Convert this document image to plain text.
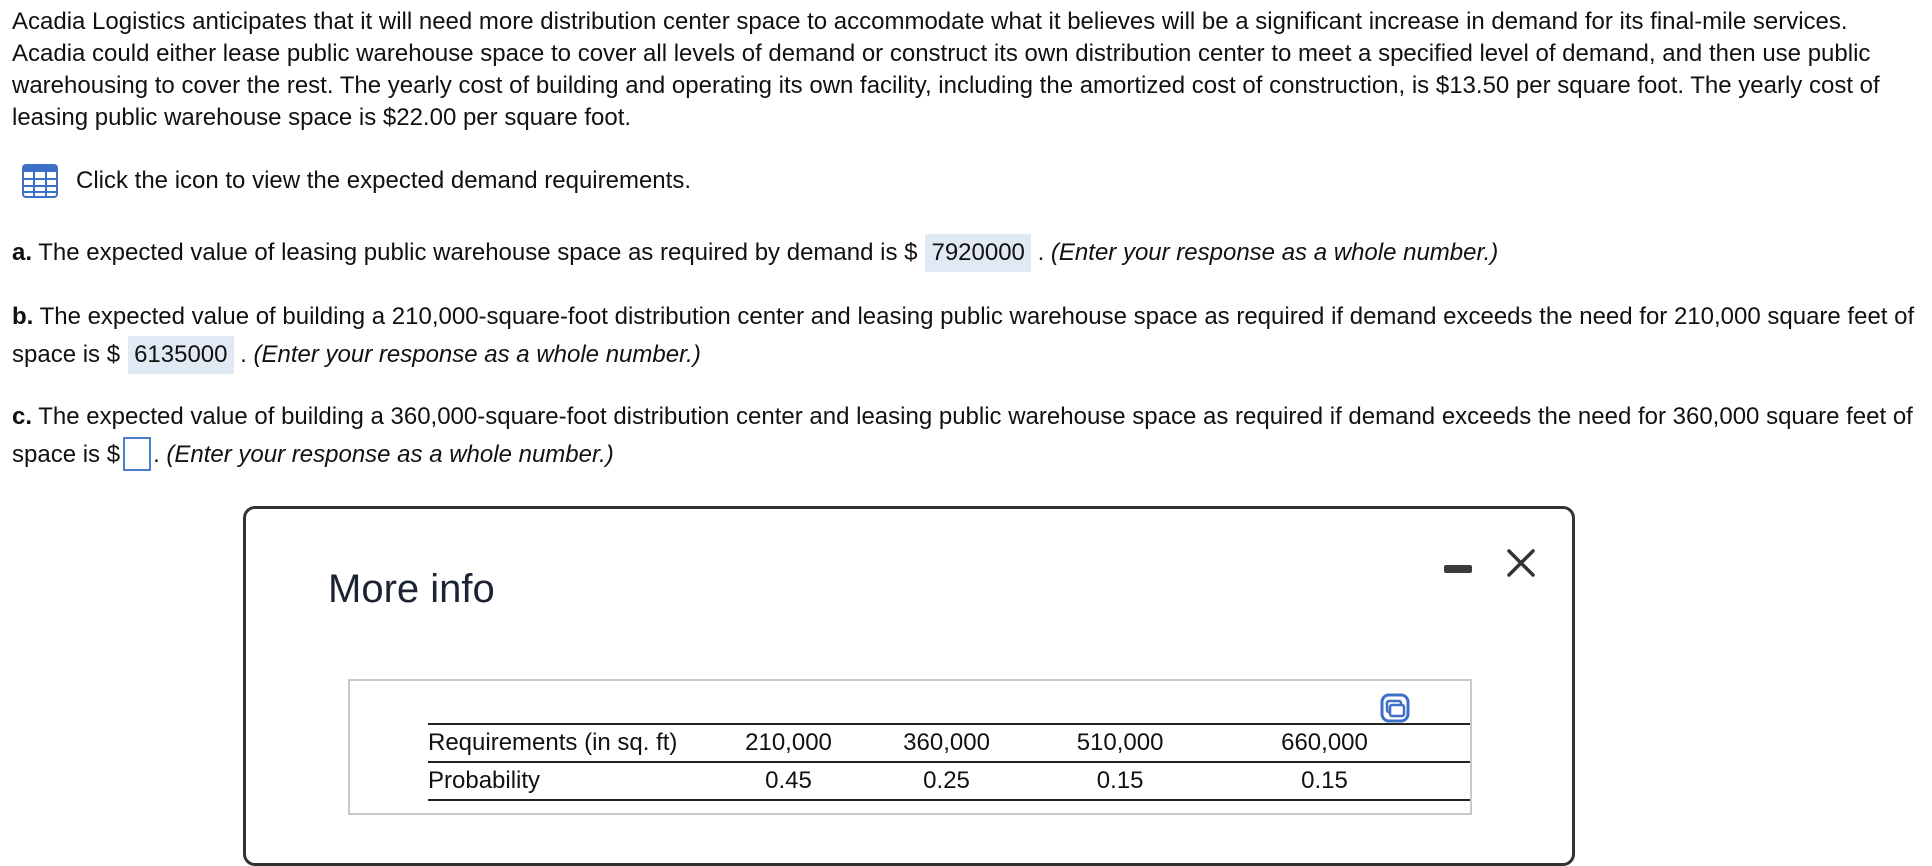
Acadia Logistics anticipates that it will need more distribution center space to accommodate what it believes will be a significant increase in demand for its final-mile services. Acadia could either lease public warehouse space to cover all levels of demand or construct its own distribution center to meet a specified level of demand, and then use public warehousing to cover the rest. The yearly cost of building and operating its own facility, including the amortized cost of construction, is $13.50 per square foot. The yearly cost of leasing public warehouse space is $22.00 per square foot.

Click the icon to view the expected demand requirements.

a. The expected value of leasing public warehouse space as required by demand is $ 7920000 . (Enter your response as a whole number.)

b. The expected value of building a 210,000-square-foot distribution center and leasing public warehouse space as required if demand exceeds the need for 210,000 square feet of space is $ 6135000 . (Enter your response as a whole number.)

c. The expected value of building a 360,000-square-foot distribution center and leasing public warehouse space as required if demand exceeds the need for 360,000 square feet of space is $ . (Enter your response as a whole number.)

More info
Requirements (in sq. ft)	210,000	360,000	510,000	660,000
Probability	0.45	0.25	0.15	0.15
